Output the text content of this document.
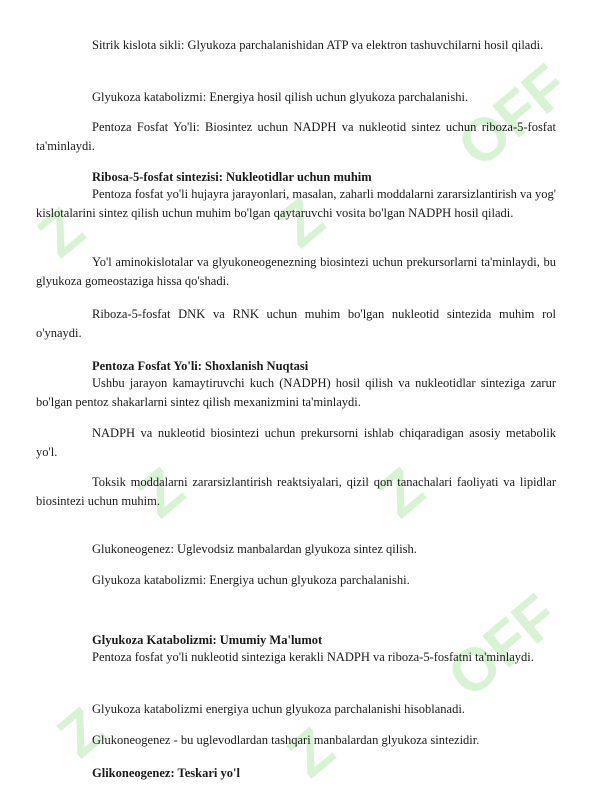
Z	Z
OFF
Z	Z
Z	Z
OFF

Sitrik kislota sikli: Glyukoza parchalanishidan ATP va elektron tashuvchilarni hosil qiladi.

Glyukoza katabolizmi: Energiya hosil qilish uchun glyukoza parchalanishi.

Pentoza Fosfat Yo'li: Biosintez uchun NADPH va nukleotid sintez uchun riboza-5-fosfat ta'minlaydi.

Ribosa-5-fosfat sintezisi: Nukleotidlar uchun muhim

Pentoza fosfat yo'li hujayra jarayonlari, masalan, zaharli moddalarni zararsizlantirish va yog' kislotalarini sintez qilish uchun muhim bo'lgan qaytaruvchi vosita bo'lgan NADPH hosil qiladi.

Yo'l aminokislotalar va glyukoneogenezning biosintezi uchun prekursorlarni ta'minlaydi, bu glyukoza gomeostaziga hissa qo'shadi.

Riboza-5-fosfat DNK va RNK uchun muhim bo'lgan nukleotid sintezida muhim rol o'ynaydi.

Pentoza Fosfat Yo'li: Shoxlanish Nuqtasi

Ushbu jarayon kamaytiruvchi kuch (NADPH) hosil qilish va nukleotidlar sinteziga zarur bo'lgan pentoz shakarlarni sintez qilish mexanizmini ta'minlaydi.

NADPH va nukleotid biosintezi uchun prekursorni ishlab chiqaradigan asosiy metabolik yo'l.

Toksik moddalarni zararsizlantirish reaktsiyalari, qizil qon tanachalari faoliyati va lipidlar biosintezi uchun muhim.

Glukoneogenez: Uglevodsiz manbalardan glyukoza sintez qilish.

Glyukoza katabolizmi: Energiya uchun glyukoza parchalanishi.

Glyukoza Katabolizmi: Umumiy Ma'lumot

Pentoza fosfat yo'li nukleotid sinteziga kerakli NADPH va riboza-5-fosfatni ta'minlaydi.

Glyukoza katabolizmi energiya uchun glyukoza parchalanishi hisoblanadi.

Glukoneogenez - bu uglevodlardan tashqari manbalardan glyukoza sintezidir.

Glikoneogenez: Teskari yo'l
